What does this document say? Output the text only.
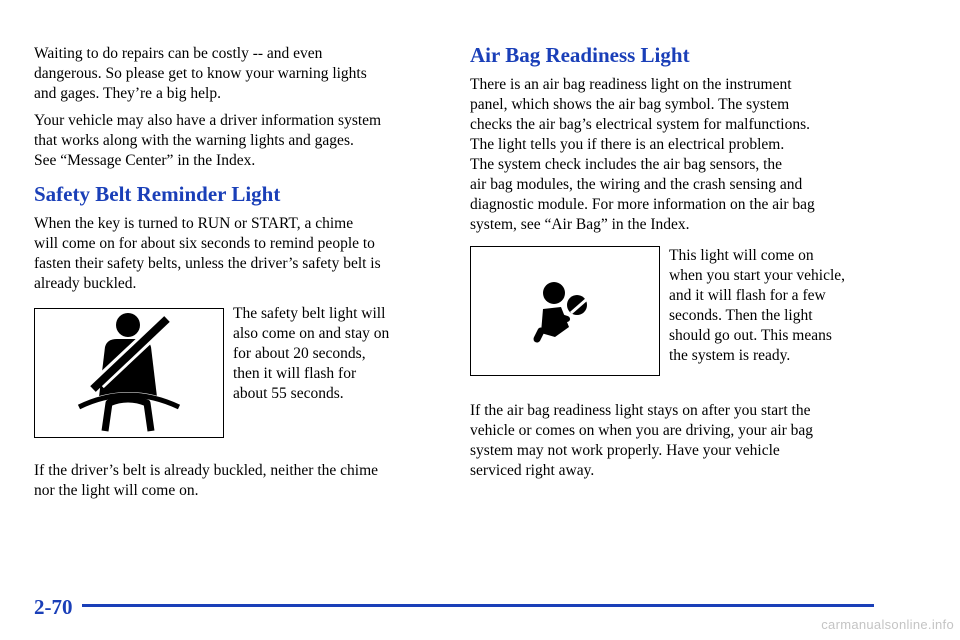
Waiting to do repairs can be costly -- and even
dangerous. So please get to know your warning lights
and gages. They’re a big help.

Your vehicle may also have a driver information system
that works along with the warning lights and gages.
See “Message Center” in the Index.

Safety Belt Reminder Light

When the key is turned to RUN or START, a chime
will come on for about six seconds to remind people to
fasten their safety belts, unless the driver’s safety belt is
already buckled.

The safety belt light will
also come on and stay on
for about 20 seconds,
then it will flash for
about 55 seconds.

If the driver’s belt is already buckled, neither the chime
nor the light will come on.

Air Bag Readiness Light

There is an air bag readiness light on the instrument
panel, which shows the air bag symbol. The system
checks the air bag’s electrical system for malfunctions.
The light tells you if there is an electrical problem.
The system check includes the air bag sensors, the
air bag modules, the wiring and the crash sensing and
diagnostic module. For more information on the air bag
system, see “Air Bag” in the Index.

This light will come on
when you start your vehicle,
and it will flash for a few
seconds. Then the light
should go out. This means
the system is ready.

If the air bag readiness light stays on after you start the
vehicle or comes on when you are driving, your air bag
system may not work properly. Have your vehicle
serviced right away.

2-70

carmanualsonline.info
